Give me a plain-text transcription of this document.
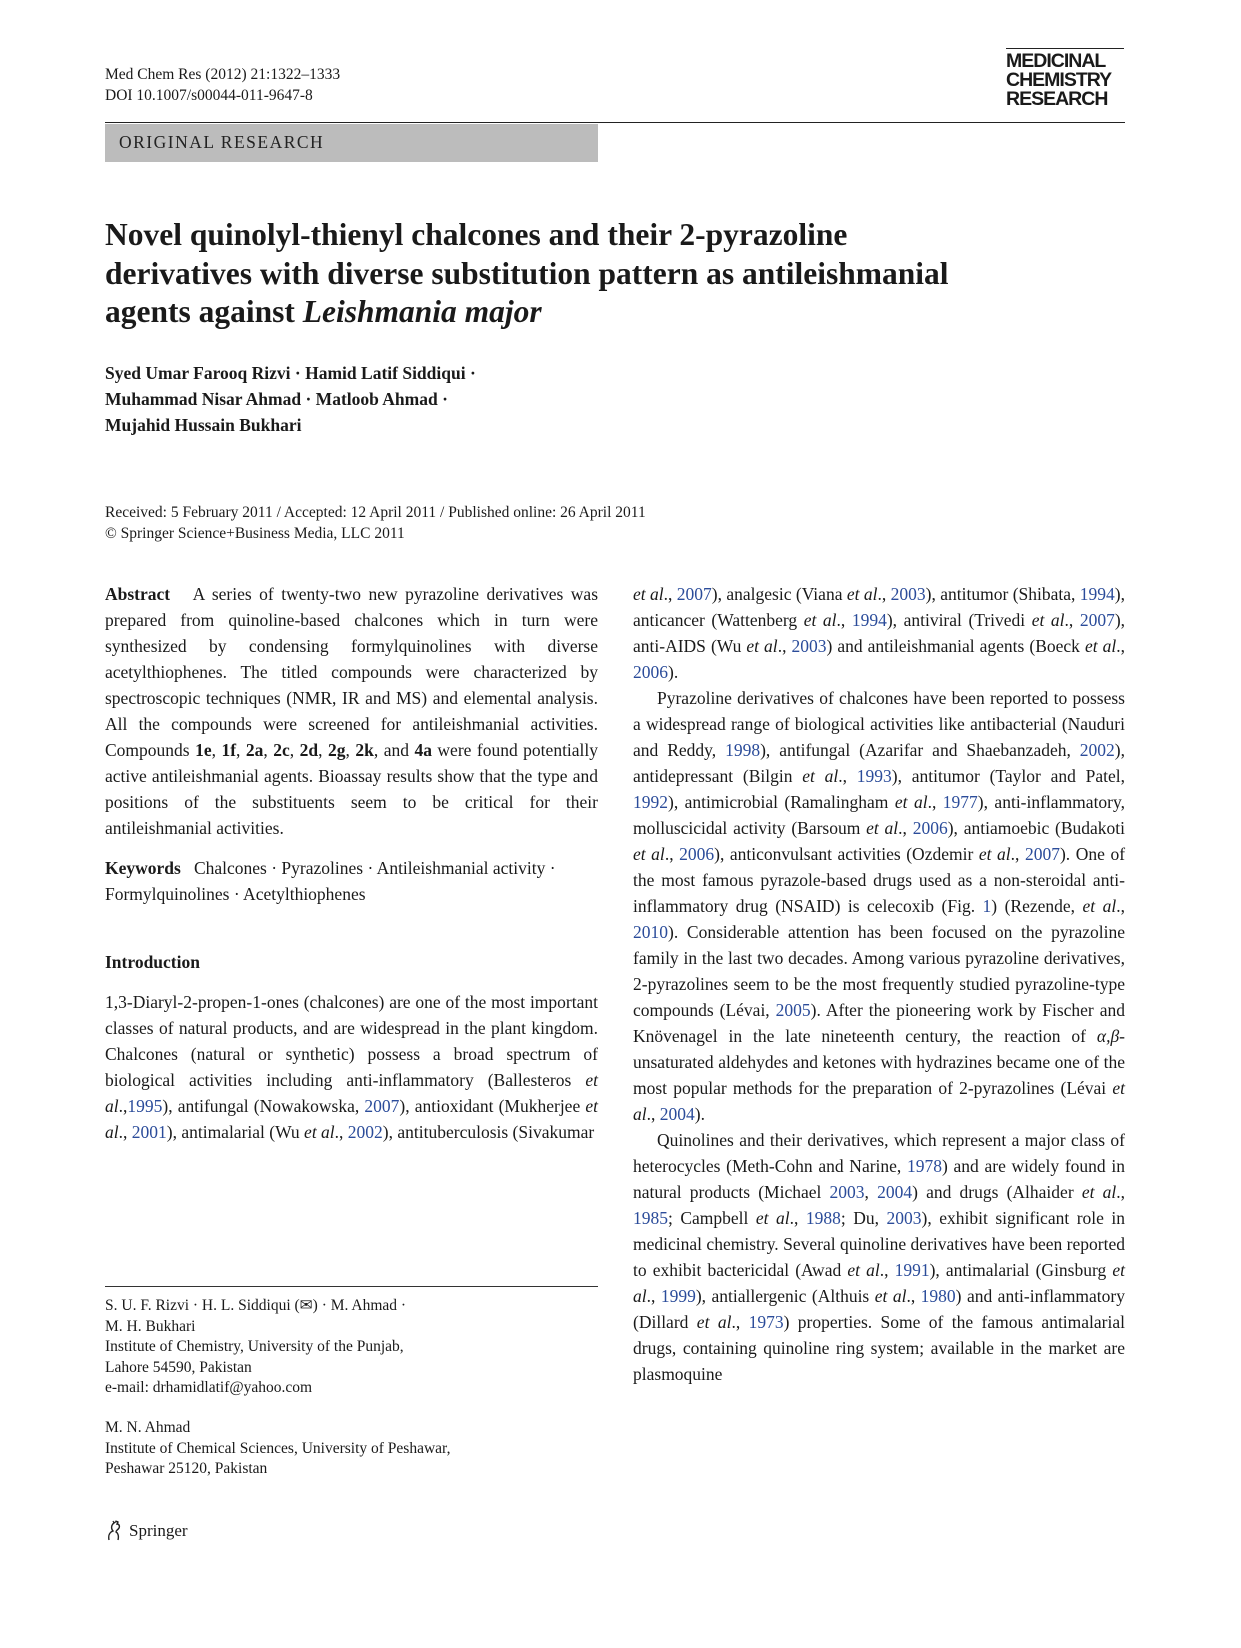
Med Chem Res (2012) 21:1322–1333
DOI 10.1007/s00044-011-9647-8
MEDICINAL
CHEMISTRY
RESEARCH
ORIGINAL RESEARCH
Novel quinolyl-thienyl chalcones and their 2-pyrazoline
derivatives with diverse substitution pattern as antileishmanial
agents against Leishmania major
Syed Umar Farooq Rizvi · Hamid Latif Siddiqui ·
Muhammad Nisar Ahmad · Matloob Ahmad ·
Mujahid Hussain Bukhari
Received: 5 February 2011 / Accepted: 12 April 2011 / Published online: 26 April 2011
© Springer Science+Business Media, LLC 2011

Abstract A series of twenty-two new pyrazoline derivatives was prepared from quinoline-based chalcones which in turn were synthesized by condensing formylquinolines with diverse acetylthiophenes. The titled compounds were characterized by spectroscopic techniques (NMR, IR and MS) and elemental analysis. All the compounds were screened for antileishmanial activities. Compounds 1e, 1f, 2a, 2c, 2d, 2g, 2k, and 4a were found potentially active antileishmanial agents. Bioassay results show that the type and positions of the substituents seem to be critical for their antileishmanial activities.

Keywords Chalcones · Pyrazolines · Antileishmanial activity · Formylquinolines · Acetylthiophenes

Introduction

1,3-Diaryl-2-propen-1-ones (chalcones) are one of the most important classes of natural products, and are widespread in the plant kingdom. Chalcones (natural or synthetic) possess a broad spectrum of biological activities including anti-inflammatory (Ballesteros et al.,1995), antifungal (Nowakowska, 2007), antioxidant (Mukherjee et al., 2001), antimalarial (Wu et al., 2002), antituberculosis (Sivakumar

S. U. F. Rizvi · H. L. Siddiqui (✉) · M. Ahmad ·
M. H. Bukhari
Institute of Chemistry, University of the Punjab,
Lahore 54590, Pakistan
e-mail: drhamidlatif@yahoo.com
M. N. Ahmad
Institute of Chemical Sciences, University of Peshawar,
Peshawar 25120, Pakistan

et al., 2007), analgesic (Viana et al., 2003), antitumor (Shibata, 1994), anticancer (Wattenberg et al., 1994), antiviral (Trivedi et al., 2007), anti-AIDS (Wu et al., 2003) and antileishmanial agents (Boeck et al., 2006).

Pyrazoline derivatives of chalcones have been reported to possess a widespread range of biological activities like antibacterial (Nauduri and Reddy, 1998), antifungal (Azarifar and Shaebanzadeh, 2002), antidepressant (Bilgin et al., 1993), antitumor (Taylor and Patel, 1992), antimicrobial (Ramalingham et al., 1977), anti-inflammatory, molluscicidal activity (Barsoum et al., 2006), antiamoebic (Budakoti et al., 2006), anticonvulsant activities (Ozdemir et al., 2007). One of the most famous pyrazole-based drugs used as a non-steroidal anti-inflammatory drug (NSAID) is celecoxib (Fig. 1) (Rezende, et al., 2010). Considerable attention has been focused on the pyrazoline family in the last two decades. Among various pyrazoline derivatives, 2-pyrazolines seem to be the most frequently studied pyrazoline-type compounds (Lévai, 2005). After the pioneering work by Fischer and Knövenagel in the late nineteenth century, the reaction of α,β-unsaturated aldehydes and ketones with hydrazines became one of the most popular methods for the preparation of 2-pyrazolines (Lévai et al., 2004).

Quinolines and their derivatives, which represent a major class of heterocycles (Meth-Cohn and Narine, 1978) and are widely found in natural products (Michael 2003, 2004) and drugs (Alhaider et al., 1985; Campbell et al., 1988; Du, 2003), exhibit significant role in medicinal chemistry. Several quinoline derivatives have been reported to exhibit bactericidal (Awad et al., 1991), antimalarial (Ginsburg et al., 1999), antiallergenic (Althuis et al., 1980) and anti-inflammatory (Dillard et al., 1973) properties. Some of the famous antimalarial drugs, containing quinoline ring system; available in the market are plasmoquine

Springer
